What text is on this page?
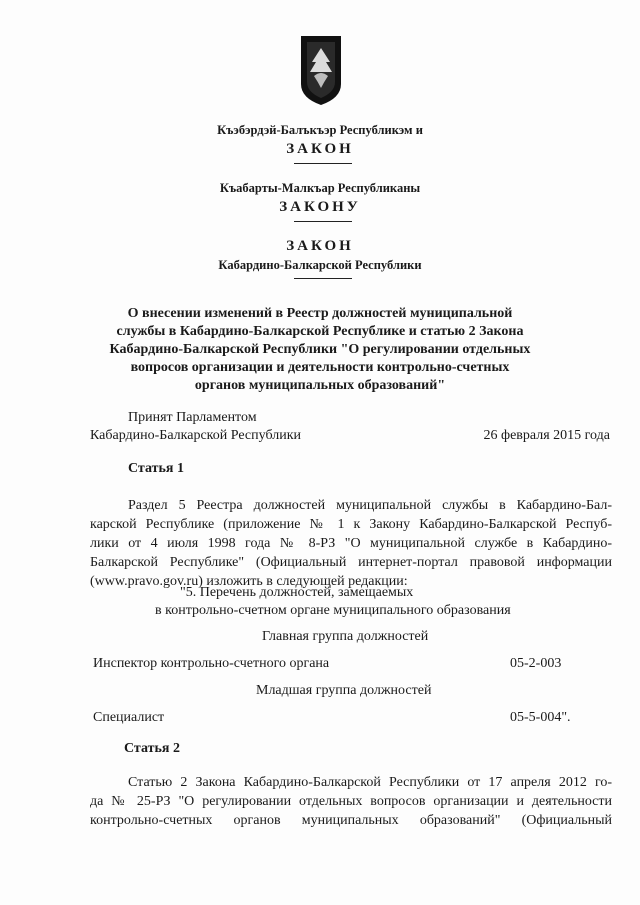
Къэбэрдэй-Балъкъэр Республикэм и
ЗАКОН
Къабарты-Малкъар Республиканы
ЗАКОНУ
ЗАКОН
Кабардино-Балкарской Республики
О внесении изменений в Реестр должностей муниципальной
службы в Кабардино-Балкарской Республике и статью 2 Закона
Кабардино-Балкарской Республики "О регулировании отдельных
вопросов организации и деятельности контрольно-счетных
органов муниципальных образований"
Принят Парламентом
Кабардино-Балкарской Республики	26 февраля 2015 года
Статья 1
Раздел 5 Реестра должностей муниципальной службы в Кабардино-Бал-
карской Республике (приложение № 1 к Закону Кабардино-Балкарской Респуб-
лики от 4 июля 1998 года № 8-РЗ "О муниципальной службе в Кабардино-
Балкарской Республике" (Официальный интернет-портал правовой информации
(www.pravo.gov.ru) изложить в следующей редакции:
"5. Перечень должностей, замещаемых
в контрольно-счетном органе муниципального образования
Главная группа должностей
Инспектор контрольно-счетного органа	05-2-003
Младшая группа должностей
Специалист	05-5-004".
Статья 2
Статью 2 Закона Кабардино-Балкарской Республики от 17 апреля 2012 го-
да № 25-РЗ "О регулировании отдельных вопросов организации и деятельности
контрольно-счетных органов муниципальных образований" (Официальный
